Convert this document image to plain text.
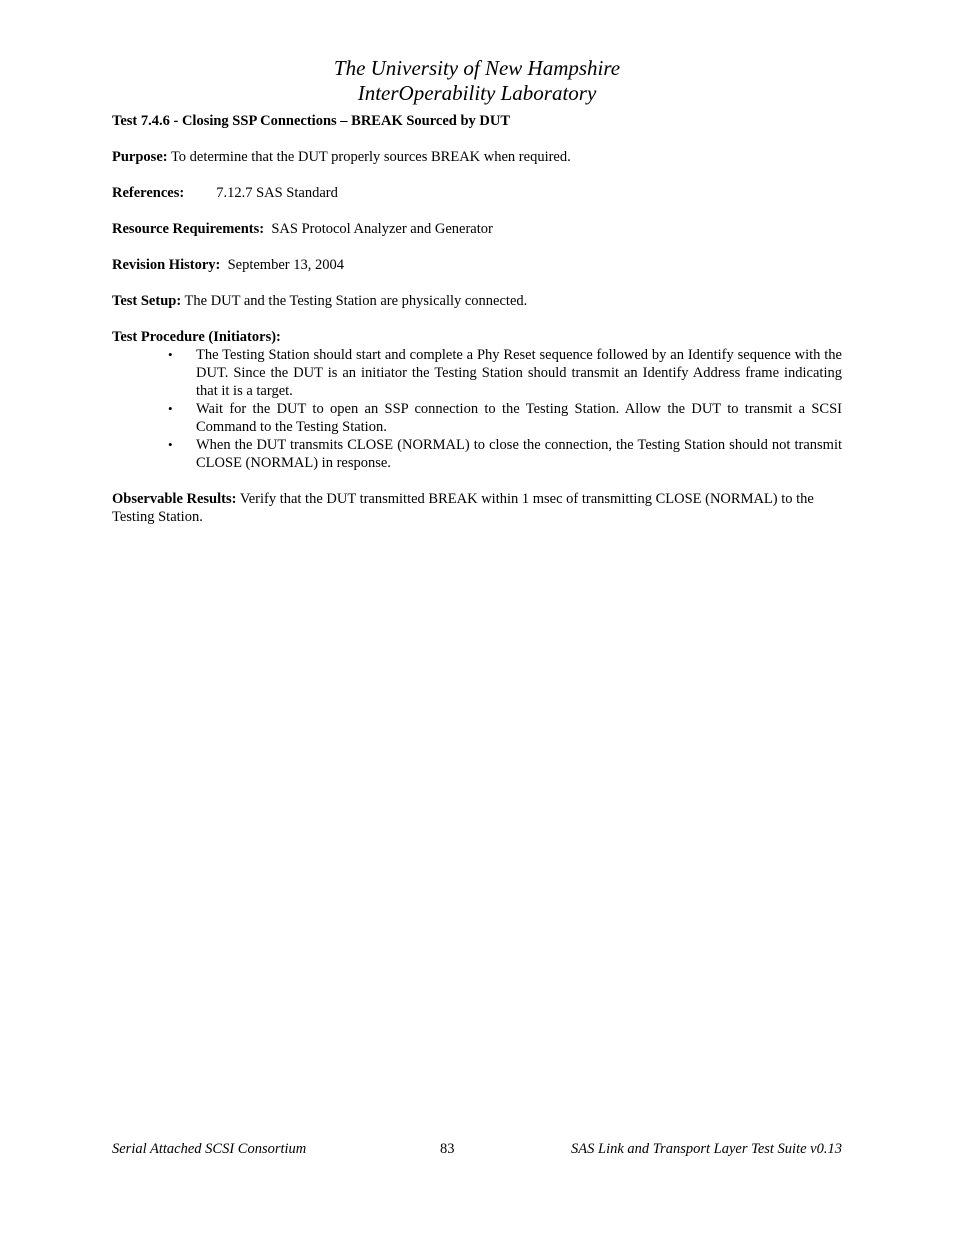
The University of New Hampshire
InterOperability Laboratory
Test 7.4.6 - Closing SSP Connections – BREAK Sourced by DUT
Purpose: To determine that the DUT properly sources BREAK when required.
References: 7.12.7 SAS Standard
Resource Requirements:  SAS Protocol Analyzer and Generator
Revision History:  September 13, 2004
Test Setup: The DUT and the Testing Station are physically connected.
Test Procedure (Initiators):
• The Testing Station should start and complete a Phy Reset sequence followed by an Identify sequence with the DUT. Since the DUT is an initiator the Testing Station should transmit an Identify Address frame indicating that it is a target.
• Wait for the DUT to open an SSP connection to the Testing Station. Allow the DUT to transmit a SCSI Command to the Testing Station.
• When the DUT transmits CLOSE (NORMAL) to close the connection, the Testing Station should not transmit CLOSE (NORMAL) in response.
Observable Results: Verify that the DUT transmitted BREAK within 1 msec of transmitting CLOSE (NORMAL) to the Testing Station.
Serial Attached SCSI Consortium	83	SAS Link and Transport Layer Test Suite v0.13
